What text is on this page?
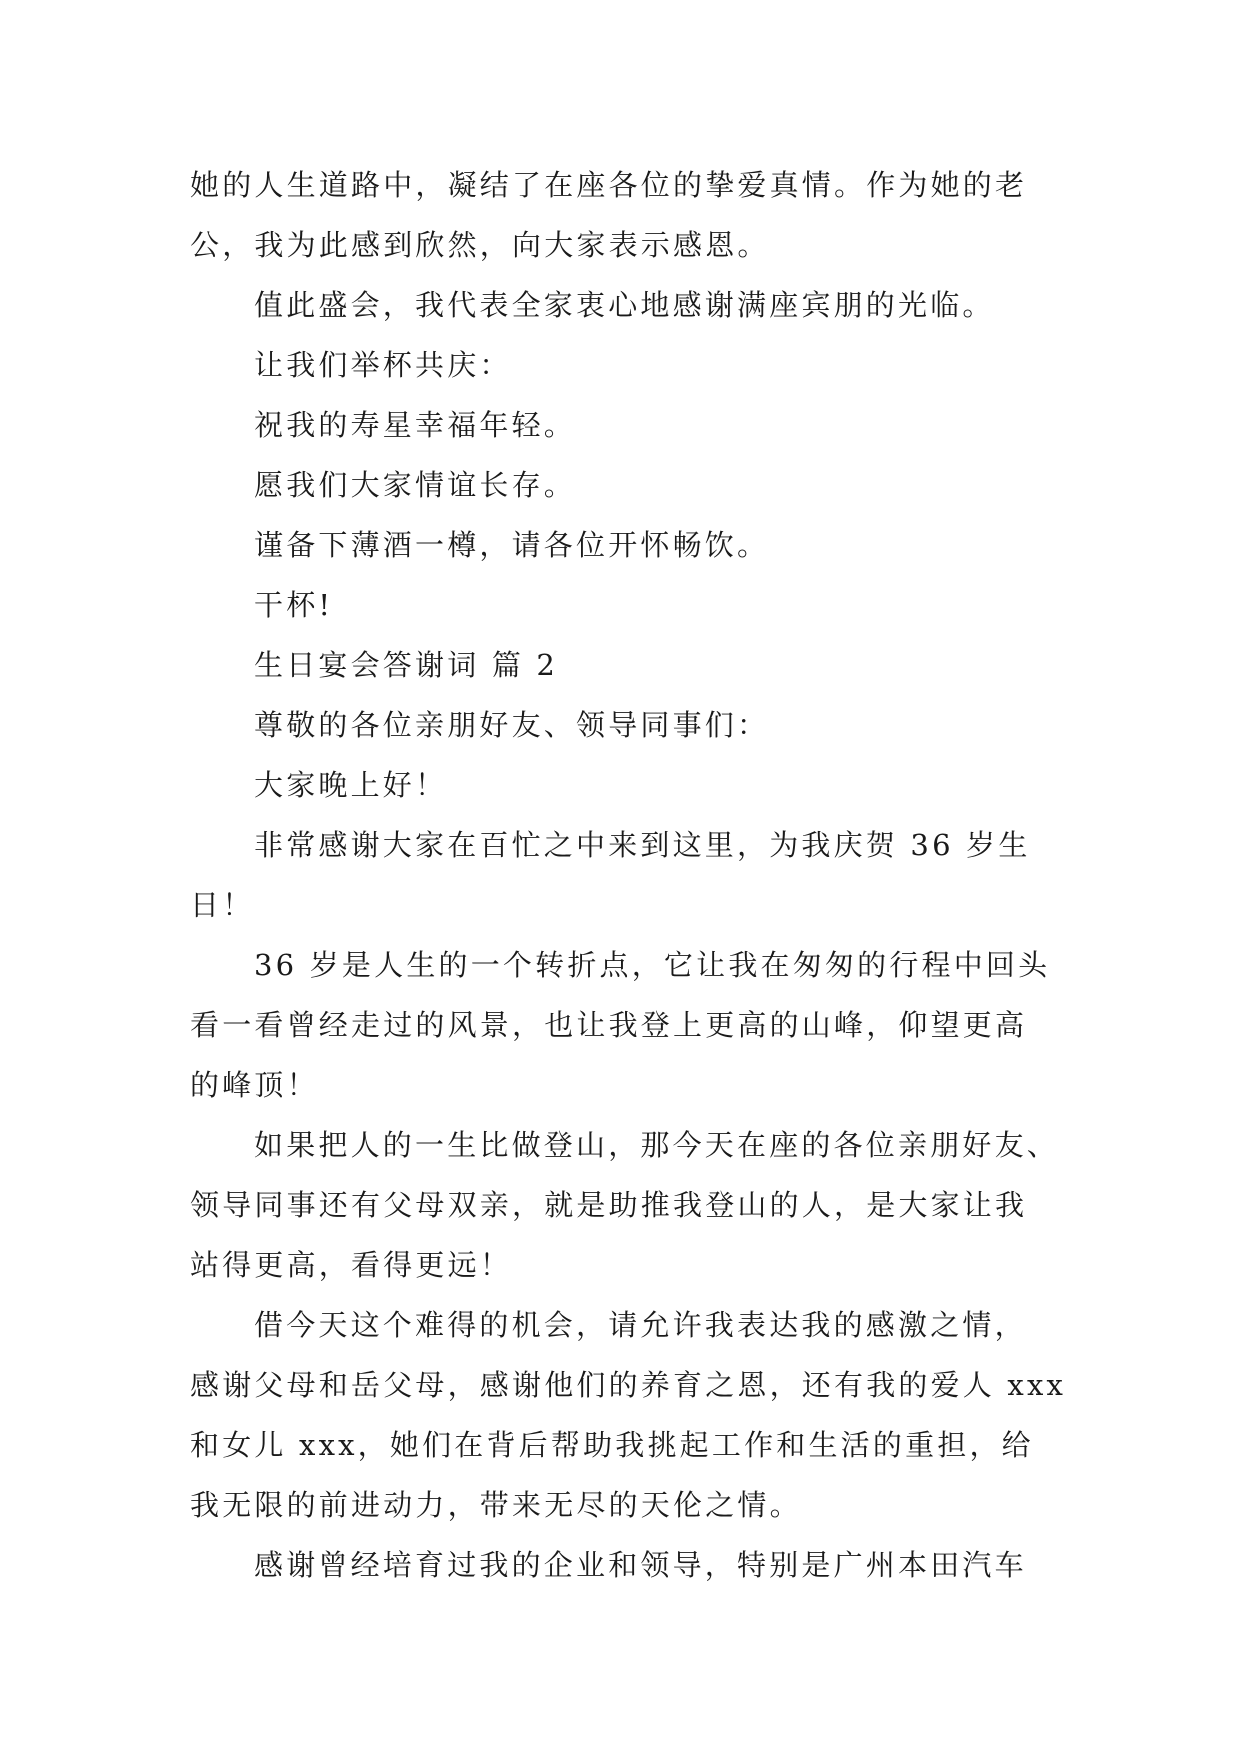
她的人生道路中，凝结了在座各位的挚爱真情。作为她的老
公，我为此感到欣然，向大家表示感恩。
值此盛会，我代表全家衷心地感谢满座宾朋的光临。
让我们举杯共庆：
祝我的寿星幸福年轻。
愿我们大家情谊长存。
谨备下薄酒一樽，请各位开怀畅饮。
干杯!
生日宴会答谢词 篇 2
尊敬的各位亲朋好友、领导同事们：
大家晚上好！
非常感谢大家在百忙之中来到这里，为我庆贺 36 岁生
日！
36 岁是人生的一个转折点，它让我在匆匆的行程中回头
看一看曾经走过的风景，也让我登上更高的山峰，仰望更高
的峰顶！
如果把人的一生比做登山，那今天在座的各位亲朋好友、
领导同事还有父母双亲，就是助推我登山的人，是大家让我
站得更高，看得更远！
借今天这个难得的机会，请允许我表达我的感激之情，
感谢父母和岳父母，感谢他们的养育之恩，还有我的爱人 xxx
和女儿 xxx，她们在背后帮助我挑起工作和生活的重担，给
我无限的前进动力，带来无尽的天伦之情。
感谢曾经培育过我的企业和领导，特别是广州本田汽车
